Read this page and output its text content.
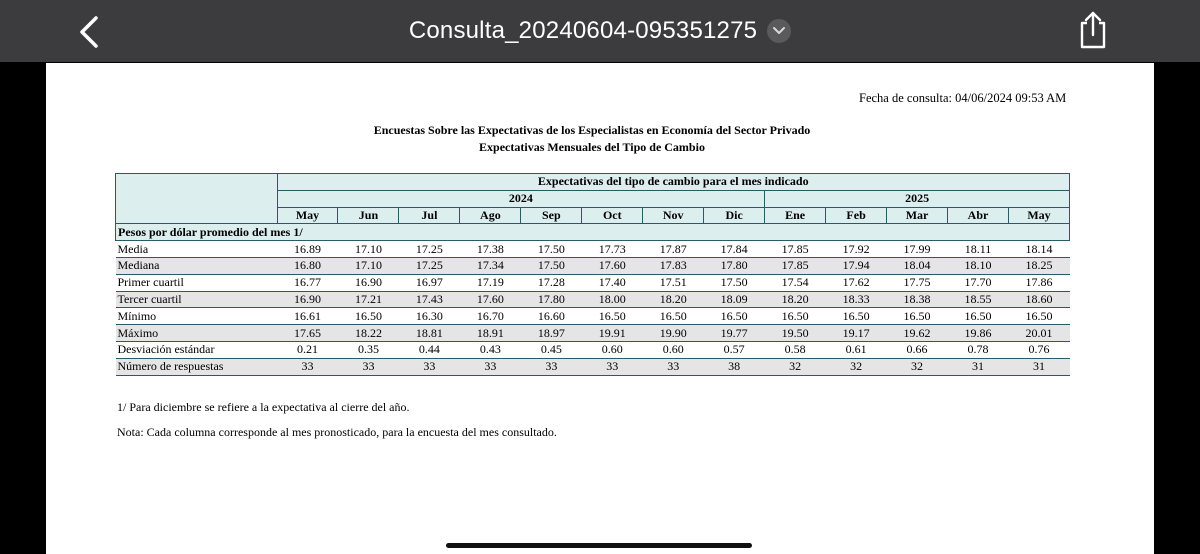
Consulta_20240604-095351275
Fecha de consulta: 04/06/2024 09:53 AM
Encuestas Sobre las Expectativas de los Especialistas en Economía del Sector Privado
Expectativas Mensuales del Tipo de Cambio
	Expectativas del tipo de cambio para el mes indicado												
	2024								2025				
	May	Jun	Jul	Ago	Sep	Oct	Nov	Dic	Ene	Feb	Mar	Abr	May
Pesos por dólar promedio del mes 1/													
Media	16.89	17.10	17.25	17.38	17.50	17.73	17.87	17.84	17.85	17.92	17.99	18.11	18.14
Mediana	16.80	17.10	17.25	17.34	17.50	17.60	17.83	17.80	17.85	17.94	18.04	18.10	18.25
Primer cuartil	16.77	16.90	16.97	17.19	17.28	17.40	17.51	17.50	17.54	17.62	17.75	17.70	17.86
Tercer cuartil	16.90	17.21	17.43	17.60	17.80	18.00	18.20	18.09	18.20	18.33	18.38	18.55	18.60
Mínimo	16.61	16.50	16.30	16.70	16.60	16.50	16.50	16.50	16.50	16.50	16.50	16.50	16.50
Máximo	17.65	18.22	18.81	18.91	18.97	19.91	19.90	19.77	19.50	19.17	19.62	19.86	20.01
Desviación estándar	0.21	0.35	0.44	0.43	0.45	0.60	0.60	0.57	0.58	0.61	0.66	0.78	0.76
Número de respuestas	33	33	33	33	33	33	33	38	32	32	32	31	31
1/ Para diciembre se refiere a la expectativa al cierre del año.
Nota: Cada columna corresponde al mes pronosticado, para la encuesta del mes consultado.
